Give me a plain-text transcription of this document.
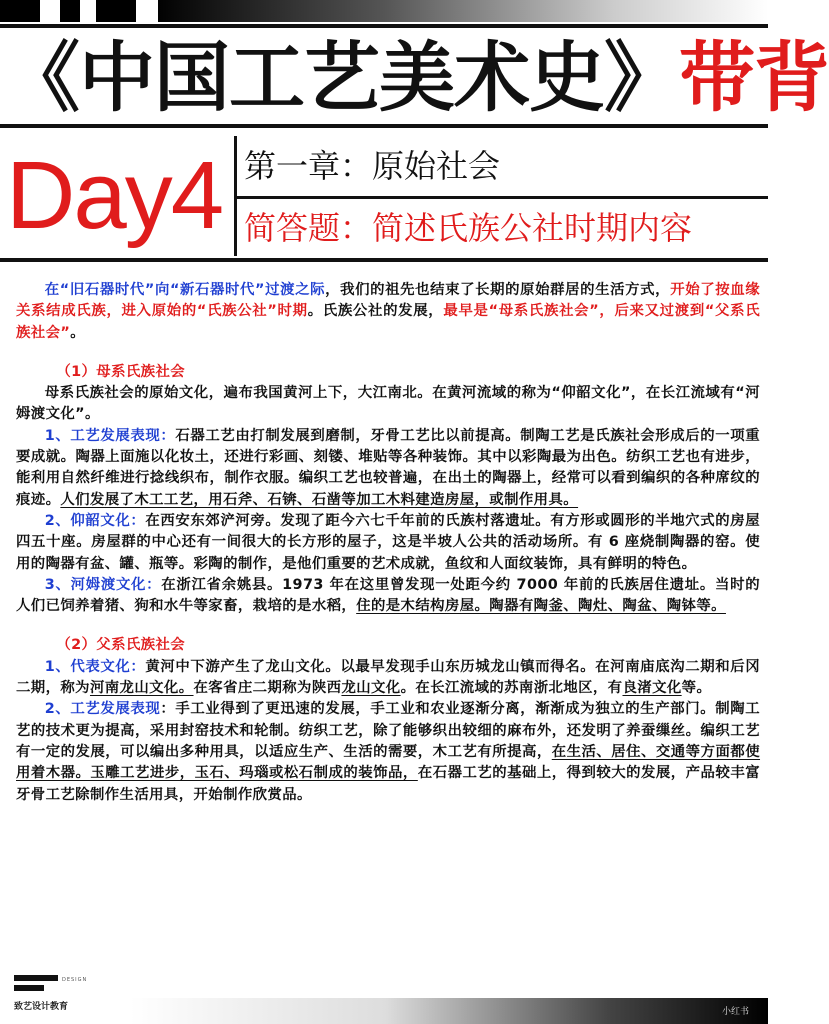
《中国工艺美术史》带背
Day4 第一章：原始社会
简答题：简述氏族公社时期内容

在“旧石器时代”向“新石器时代”过渡之际，我们的祖先也结束了长期的原始群居的生活方式，开始了按血缘关系结成氏族，进入原始的“氏族公社”时期。氏族公社的发展，最早是“母系氏族社会”，后来又过渡到“父系氏族社会”。

（1）母系氏族社会

母系氏族社会的原始文化，遍布我国黄河上下，大江南北。在黄河流域的称为“仰韶文化”，在长江流域有“河姆渡文化”。

1、工艺发展表现：石器工艺由打制发展到磨制，牙骨工艺比以前提高。制陶工艺是氏族社会形成后的一项重要成就。陶器上面施以化妆土，还进行彩画、刻镂、堆贴等各种装饰。其中以彩陶最为出色。纺织工艺也有进步，能利用自然纤维进行捻线织布，制作衣服。编织工艺也较普遍，在出土的陶器上，经常可以看到编织的各种席纹的痕迹。人们发展了木工工艺，用石斧、石锛、石凿等加工木料建造房屋，或制作用具。

2、仰韶文化：在西安东郊浐河旁。发现了距今六七千年前的氏族村落遗址。有方形或圆形的半地穴式的房屋四五十座。房屋群的中心还有一间很大的长方形的屋子，这是半坡人公共的活动场所。有 6 座烧制陶器的窑。使用的陶器有盆、罐、瓶等。彩陶的制作，是他们重要的艺术成就，鱼纹和人面纹装饰，具有鲜明的特色。

3、河姆渡文化：在浙江省余姚县。1973 年在这里曾发现一处距今约 7000 年前的氏族居住遗址。当时的人们已饲养着猪、狗和水牛等家畜，栽培的是水稻，住的是木结构房屋。陶器有陶釜、陶灶、陶盆、陶钵等。

（2）父系氏族社会

1、代表文化：黄河中下游产生了龙山文化。以最早发现手山东历城龙山镇而得名。在河南庙底沟二期和后冈二期，称为河南龙山文化。在客省庄二期称为陕西龙山文化。在长江流域的苏南浙北地区，有良渚文化等。

2、工艺发展表现：手工业得到了更迅速的发展，手工业和农业逐渐分离，渐渐成为独立的生产部门。制陶工艺的技术更为提高，采用封窑技术和轮制。纺织工艺，除了能够织出较细的麻布外，还发明了养蚕缫丝。编织工艺有一定的发展，可以编出多种用具，以适应生产、生活的需要，木工艺有所提高，在生活、居住、交通等方面都使用着木器。玉雕工艺进步，玉石、玛瑙或松石制成的装饰品，在石器工艺的基础上，得到较大的发展，产品较丰富牙骨工艺除制作生活用具，开始制作欣赏品。

DESIGN
致艺设计教育	小红书
